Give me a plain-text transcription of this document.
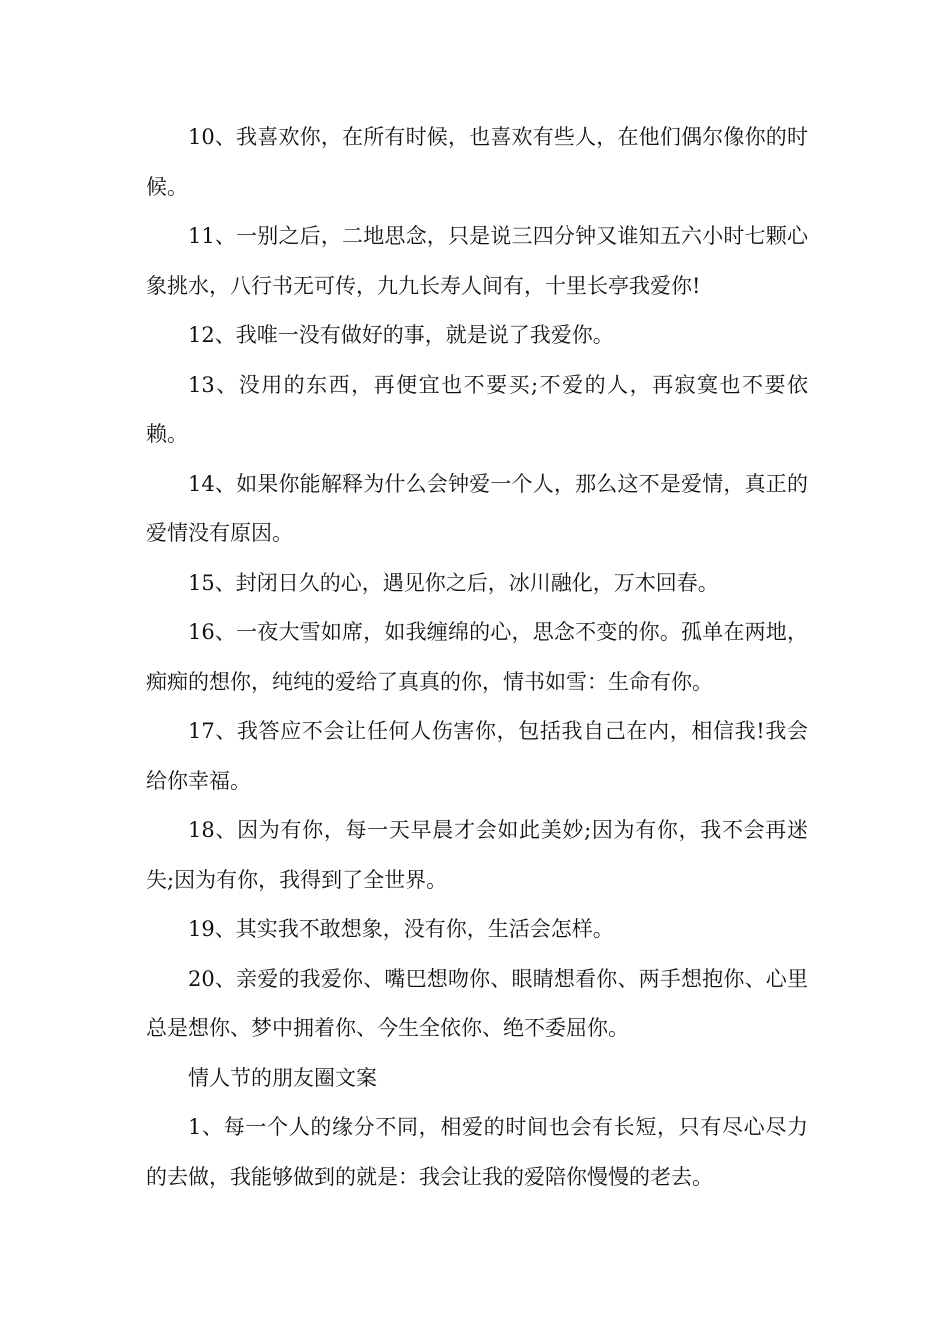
10、我喜欢你，在所有时候，也喜欢有些人，在他们偶尔像你的时候。

11、一别之后，二地思念，只是说三四分钟又谁知五六小时七颗心象挑水，八行书无可传，九九长寿人间有，十里长亭我爱你!

12、我唯一没有做好的事，就是说了我爱你。

13、没用的东西，再便宜也不要买;不爱的人，再寂寞也不要依赖。

14、如果你能解释为什么会钟爱一个人，那么这不是爱情，真正的爱情没有原因。

15、封闭日久的心，遇见你之后，冰川融化，万木回春。

16、一夜大雪如席，如我缠绵的心，思念不变的你。孤单在两地，痴痴的想你，纯纯的爱给了真真的你，情书如雪：生命有你。

17、我答应不会让任何人伤害你，包括我自己在内，相信我!我会给你幸福。

18、因为有你，每一天早晨才会如此美妙;因为有你，我不会再迷失;因为有你，我得到了全世界。

19、其实我不敢想象，没有你，生活会怎样。

20、亲爱的我爱你、嘴巴想吻你、眼睛想看你、两手想抱你、心里总是想你、梦中拥着你、今生全依你、绝不委屈你。

情人节的朋友圈文案

1、每一个人的缘分不同，相爱的时间也会有长短，只有尽心尽力的去做，我能够做到的就是：我会让我的爱陪你慢慢的老去。
